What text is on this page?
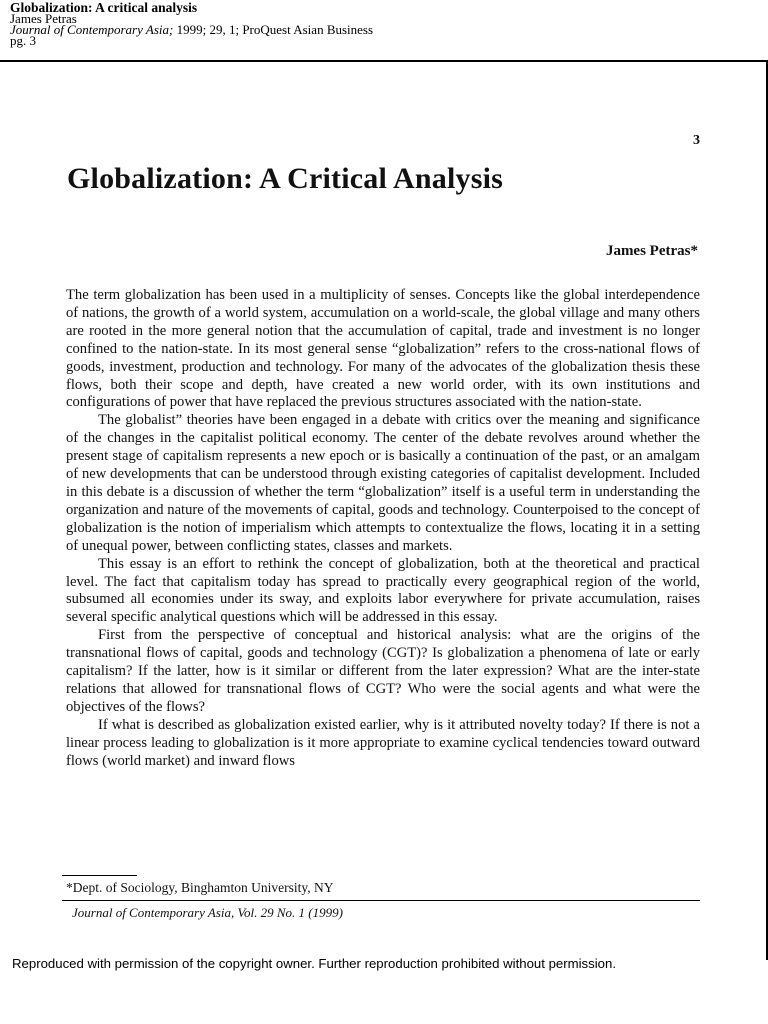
Globalization: A critical analysis
James Petras
Journal of Contemporary Asia; 1999; 29, 1; ProQuest Asian Business
pg. 3
3
Globalization: A Critical Analysis
James Petras*

The term globalization has been used in a multiplicity of senses. Concepts like the global interdependence of nations, the growth of a world system, accumulation on a world-scale, the global village and many others are rooted in the more general notion that the accumulation of capital, trade and investment is no longer confined to the nation-state. In its most general sense “globalization” refers to the cross-national flows of goods, investment, production and technology. For many of the advocates of the globalization thesis these flows, both their scope and depth, have created a new world order, with its own institutions and configurations of power that have replaced the previous structures associated with the nation-state.

The globalist” theories have been engaged in a debate with critics over the meaning and significance of the changes in the capitalist political economy. The center of the debate revolves around whether the present stage of capitalism represents a new epoch or is basically a continuation of the past, or an amalgam of new developments that can be understood through existing categories of capitalist development. Included in this debate is a discussion of whether the term “globalization” itself is a useful term in understanding the organization and nature of the movements of capital, goods and technology. Counterpoised to the concept of globalization is the notion of imperialism which attempts to contextualize the flows, locating it in a setting of unequal power, between conflicting states, classes and markets.

This essay is an effort to rethink the concept of globalization, both at the theoretical and practical level. The fact that capitalism today has spread to practically every geographical region of the world, subsumed all economies under its sway, and exploits labor everywhere for private accumulation, raises several specific analytical questions which will be addressed in this essay.

First from the perspective of conceptual and historical analysis: what are the origins of the transnational flows of capital, goods and technology (CGT)? Is globalization a phenomena of late or early capitalism? If the latter, how is it similar or different from the later expression? What are the inter-state relations that allowed for transnational flows of CGT? Who were the social agents and what were the objectives of the flows?

If what is described as globalization existed earlier, why is it attributed novelty today? If there is not a linear process leading to globalization is it more appropriate to examine cyclical tendencies toward outward flows (world market) and inward flows

*Dept. of Sociology, Binghamton University, NY
Journal of Contemporary Asia, Vol. 29 No. 1 (1999)
Reproduced with permission of the copyright owner. Further reproduction prohibited without permission.
